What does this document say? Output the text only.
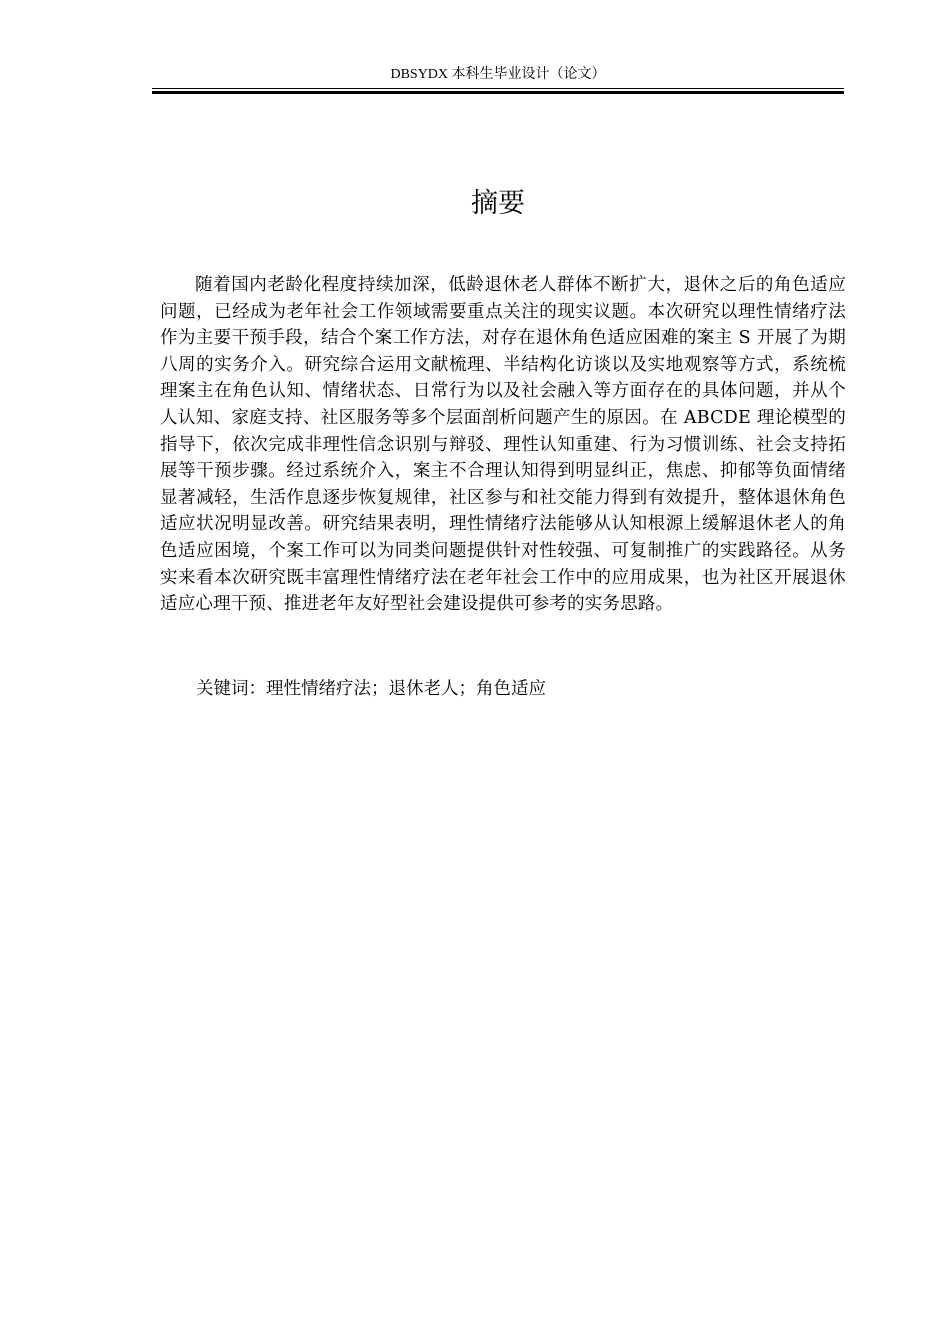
DBSYDX 本科生毕业设计（论文）
摘要

随着国内老龄化程度持续加深，低龄退休老人群体不断扩大，退休之后的角色适应问题，已经成为老年社会工作领域需要重点关注的现实议题。本次研究以理性情绪疗法作为主要干预手段，结合个案工作方法，对存在退休角色适应困难的案主 S 开展了为期八周的实务介入。研究综合运用文献梳理、半结构化访谈以及实地观察等方式，系统梳理案主在角色认知、情绪状态、日常行为以及社会融入等方面存在的具体问题，并从个人认知、家庭支持、社区服务等多个层面剖析问题产生的原因。在 ABCDE 理论模型的指导下，依次完成非理性信念识别与辩驳、理性认知重建、行为习惯训练、社会支持拓展等干预步骤。经过系统介入，案主不合理认知得到明显纠正，焦虑、抑郁等负面情绪显著减轻，生活作息逐步恢复规律，社区参与和社交能力得到有效提升，整体退休角色适应状况明显改善。研究结果表明，理性情绪疗法能够从认知根源上缓解退休老人的角色适应困境，个案工作可以为同类问题提供针对性较强、可复制推广的实践路径。从务实来看本次研究既丰富理性情绪疗法在老年社会工作中的应用成果，也为社区开展退休适应心理干预、推进老年友好型社会建设提供可参考的实务思路。

关键词：理性情绪疗法；退休老人；角色适应
